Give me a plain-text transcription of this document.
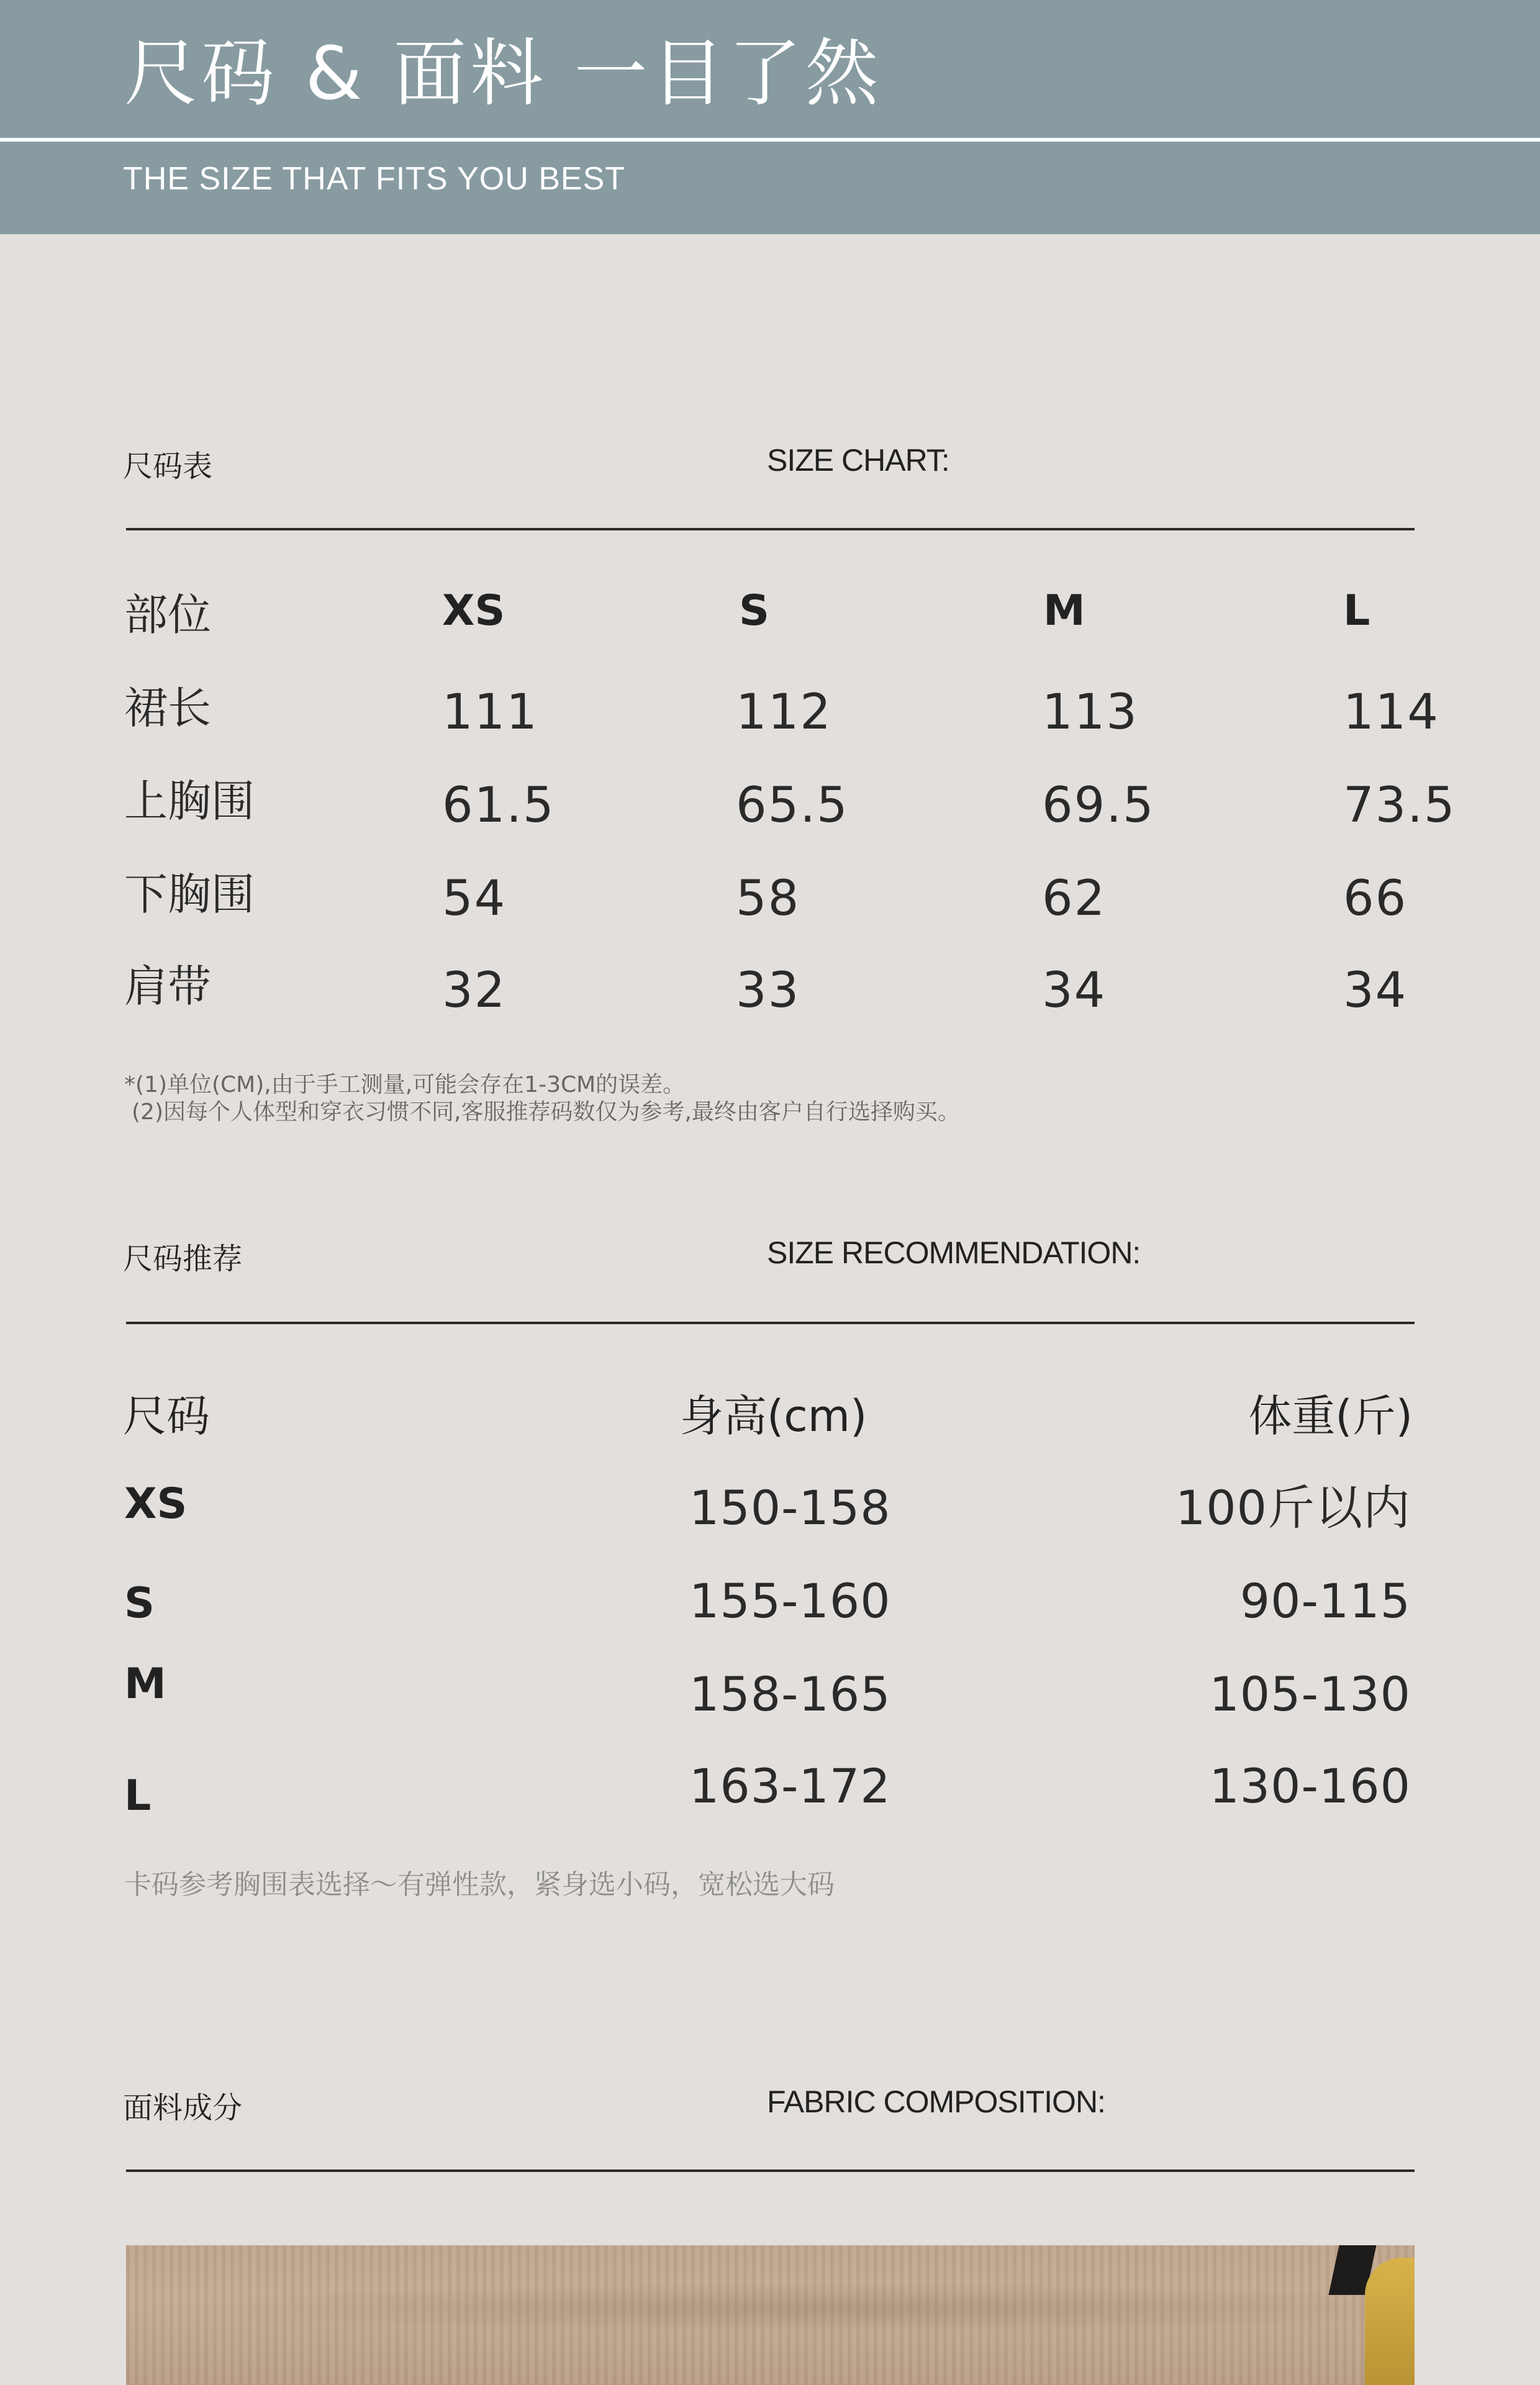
尺码 & 面料 一目了然
THE SIZE THAT FITS YOU BEST
尺码表	SIZE CHART:
部位	XS	S	M	L
裙长	111	112	113	114
上胸围	61.5	65.5	69.5	73.5
下胸围	54	58	62	66
肩带	32	33	34	34
*(1)单位(CM),由于手工测量,可能会存在1-3CM的误差。
(2)因每个人体型和穿衣习惯不同,客服推荐码数仅为参考,最终由客户自行选择购买。
尺码推荐	SIZE RECOMMENDATION:
尺码	身高(cm)	体重(斤)
XS	150-158	100斤以内
S	155-160	90-115
M	158-165	105-130
L	163-172	130-160
卡码参考胸围表选择～有弹性款，紧身选小码，宽松选大码
面料成分	FABRIC COMPOSITION:
